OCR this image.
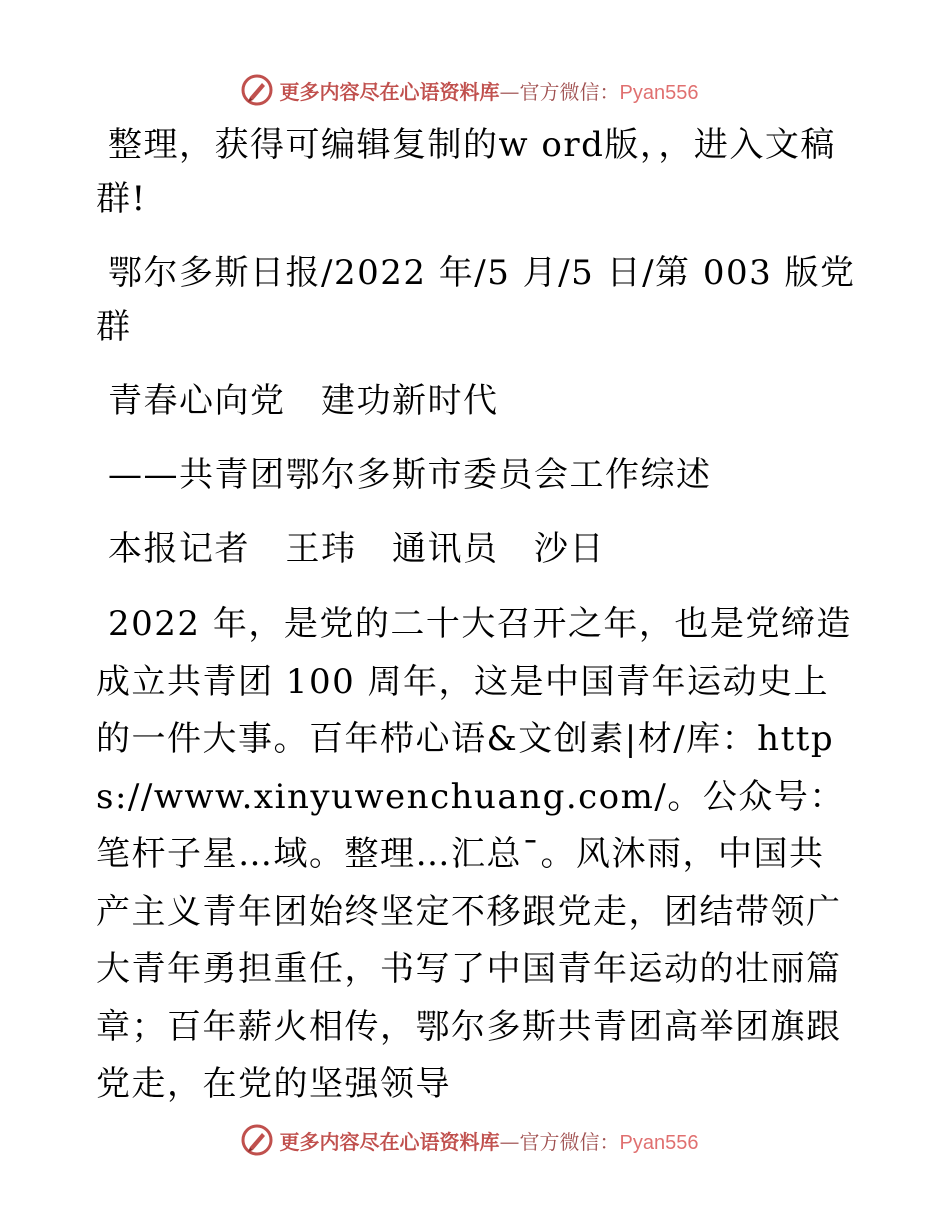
更多内容尽在心语资料库—官方微信：Pyan556

整理，获得可编辑复制的w ord版，，进入文稿群!

鄂尔多斯日报/2022 年/5 月/5 日/第 003 版党群

青春心向党　建功新时代

——共青团鄂尔多斯市委员会工作综述

本报记者　王玮　通讯员　沙日

2022 年，是党的二十大召开之年，也是党缔造成立共青团 100 周年，这是中国青年运动史上的一件大事。百年栉心语&文创素|材/库：https://www.xinyuwenchuang.com/。公众号：笔杆子星…域。整理…汇总¯。风沐雨，中国共产主义青年团始终坚定不移跟党走，团结带领广大青年勇担重任，书写了中国青年运动的壮丽篇章；百年薪火相传，鄂尔多斯共青团高举团旗跟党走，在党的坚强领导

更多内容尽在心语资料库—官方微信：Pyan556
